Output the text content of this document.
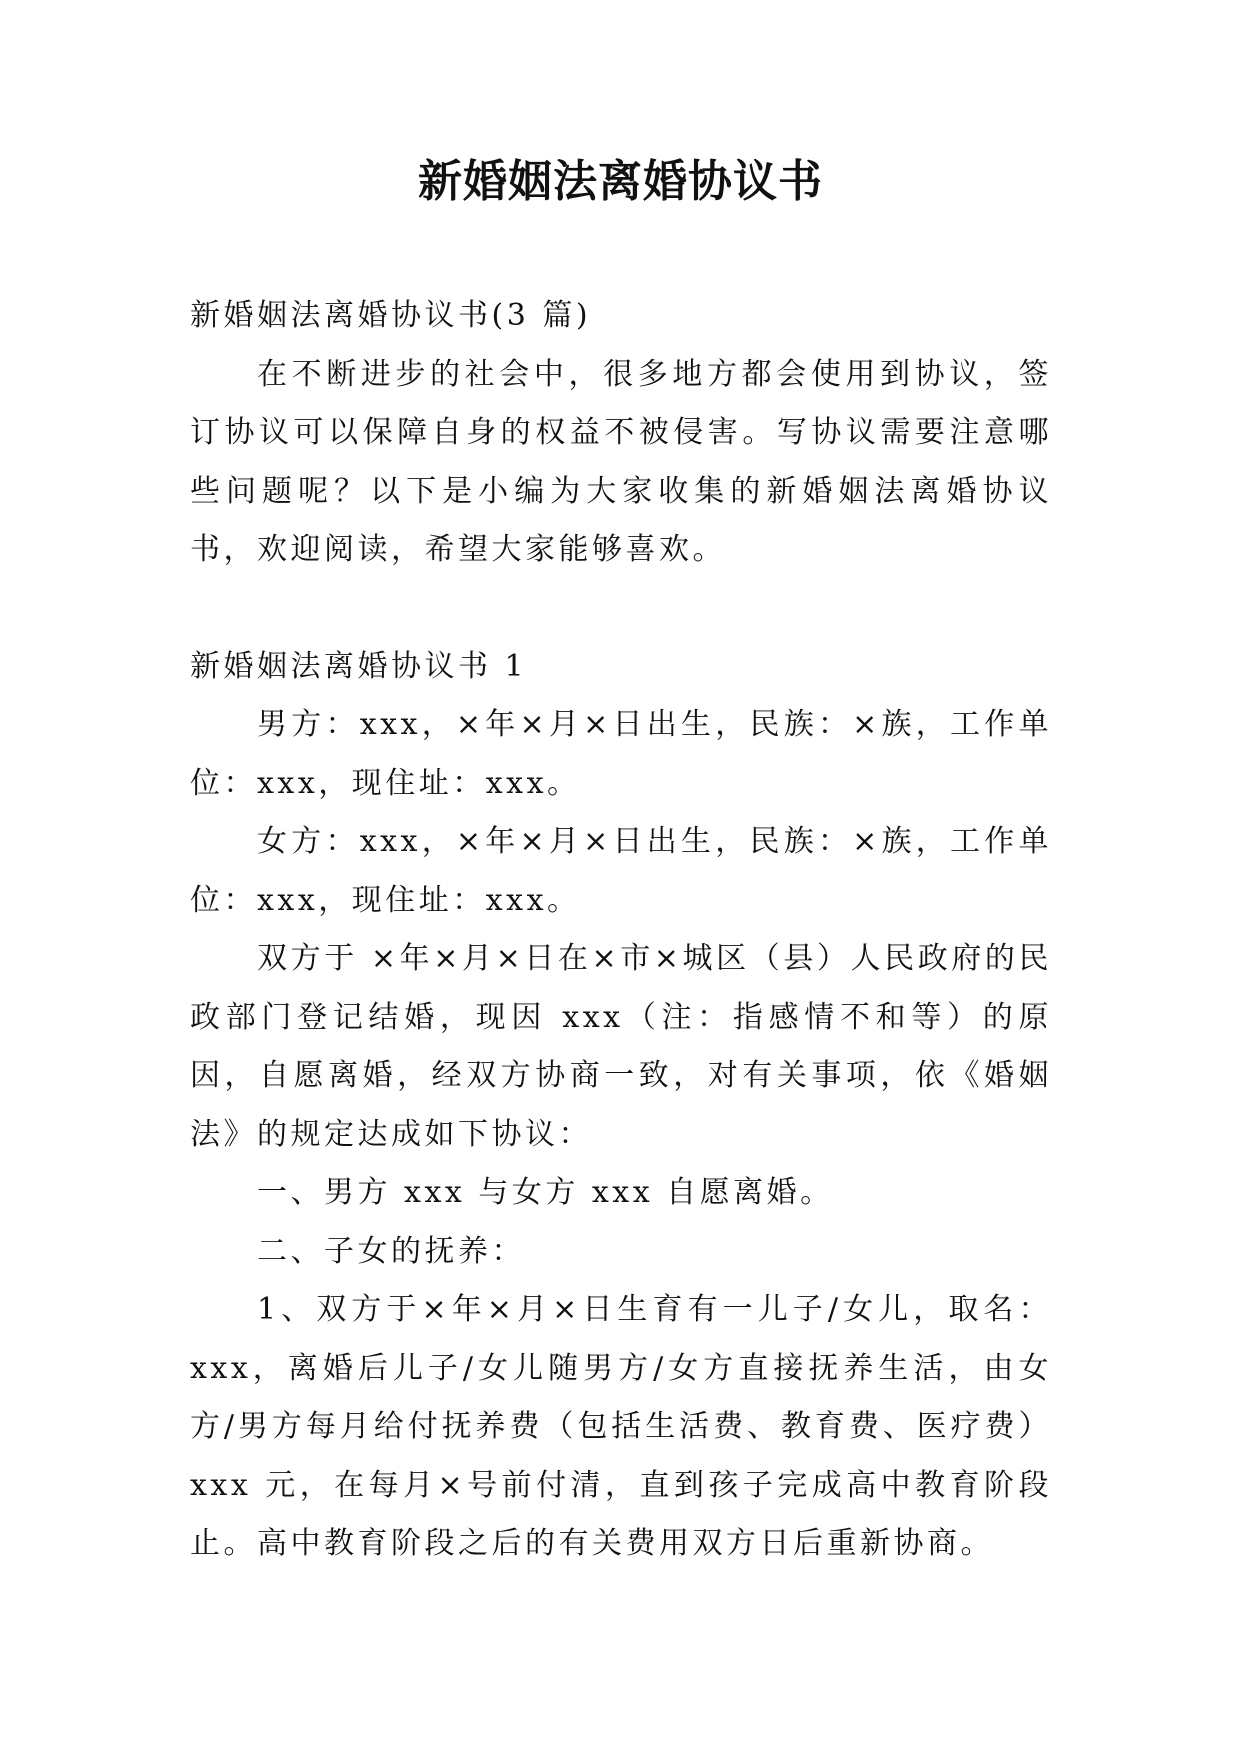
新婚姻法离婚协议书

新婚姻法离婚协议书(3 篇)

在不断进步的社会中，很多地方都会使用到协议，签订协议可以保障自身的权益不被侵害。写协议需要注意哪些问题呢？以下是小编为大家收集的新婚姻法离婚协议书，欢迎阅读，希望大家能够喜欢。

新婚姻法离婚协议书 1

男方：xxx，×年×月×日出生，民族：×族，工作单位：xxx，现住址：xxx。

女方：xxx，×年×月×日出生，民族：×族，工作单位：xxx，现住址：xxx。

双方于 ×年×月×日在×市×城区（县）人民政府的民政部门登记结婚，现因 xxx（注：指感情不和等）的原因，自愿离婚，经双方协商一致，对有关事项，依《婚姻法》的规定达成如下协议：

一、男方 xxx 与女方 xxx 自愿离婚。

二、子女的抚养：

1、双方于×年×月×日生育有一儿子/女儿，取名：xxx，离婚后儿子/女儿随男方/女方直接抚养生活，由女方/男方每月给付抚养费（包括生活费、教育费、医疗费）xxx 元，在每月×号前付清，直到孩子完成高中教育阶段止。高中教育阶段之后的有关费用双方日后重新协商。
